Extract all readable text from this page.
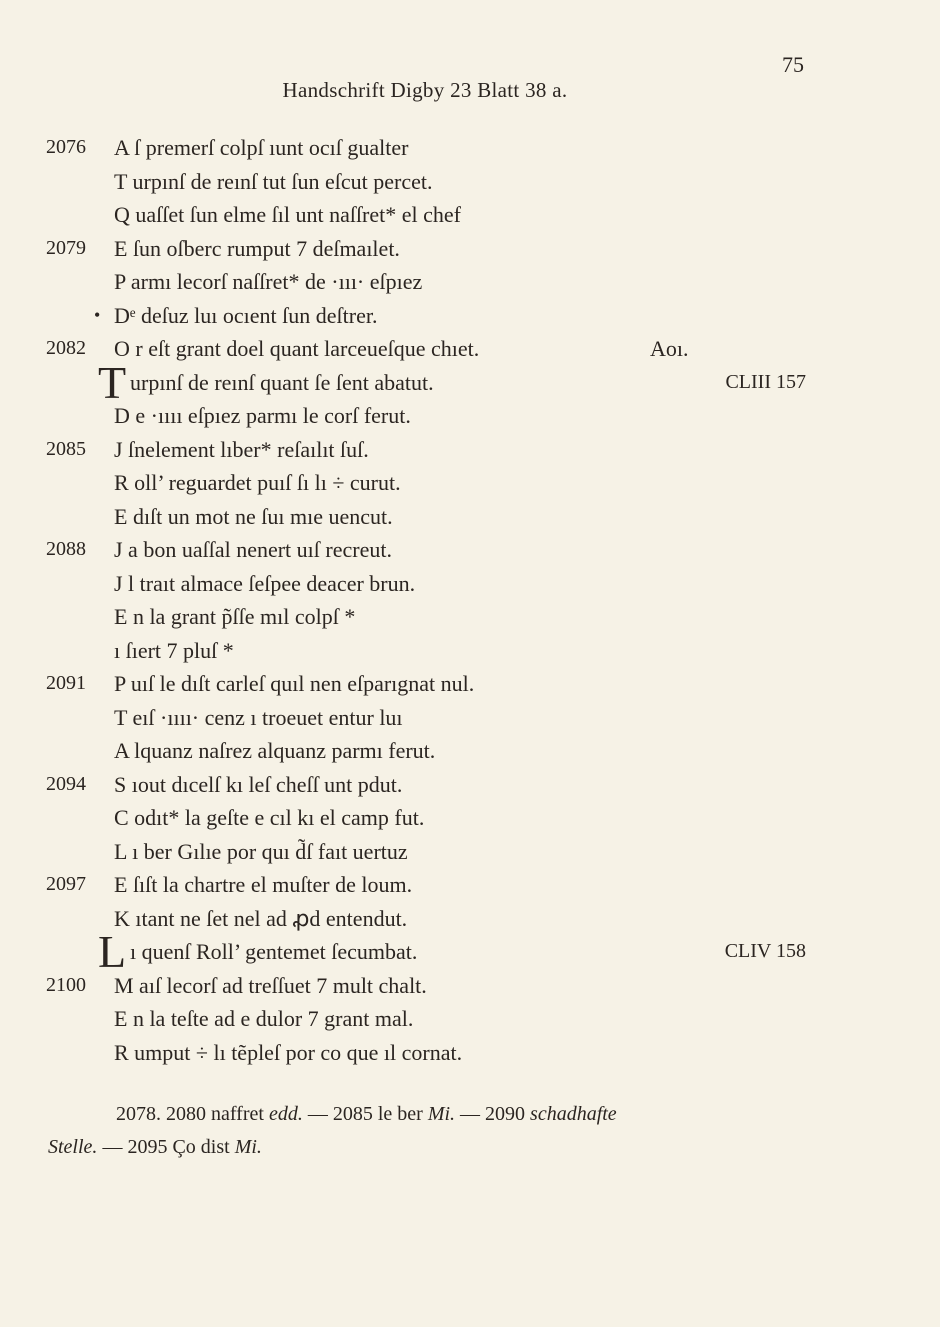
75
Handschrift Digby 23 Blatt 38 a.
2076	A ſ premerſ colpſ ıunt ocıſ gualter
T urpınſ de reınſ tut ſun eſcut percet.
Q uaſſet ſun elme ſıl unt naſſret* el chef
2079	E ſun oſberc rumput 7 deſmaılet.
P armı lecorſ naſſret* de ·ııı· eſpıez
• Dᵉ deſuz luı ocıent ſun deſtrer.
2082	O r eſt grant doel quant larceueſque chıet.	Aoı.
T urpınſ de reınſ quant ſe ſent abatut.	CLIII 157
D e ·ıııı eſpıez parmı le corſ ferut.
2085	J ſnelement lıber* reſaılıt ſuſ.
R oll’ reguardet puıſ ſı lı ÷ curut.
E dıſt un mot ne ſuı mıe uencut.
2088	J a bon uaſſal nenert uıſ recreut.
J l traıt almace ſeſpee deacer brun.
E n la grant p̃ſſe mıl colpſ *
ı ſıert 7 pluſ *
2091	P uıſ le dıſt carleſ quıl nen eſparıgnat nul.
T eıſ ·ıııı· cenz ı troeuet entur luı
A lquanz naſrez alquanz parmı ferut.
2094	S ıout dıcelſ kı leſ cheſſ unt pdut.
C odıt* la geſte e cıl kı el camp fut.
L ı ber Gılıe por quı d̃ſ faıt uertuz
2097	E ſıſt la chartre el muſter de loum.
K ıtant ne ſet nel ad ꝓd entendut.
L ı quenſ Roll’ gentemet ſecumbat.	CLIV 158
2100	M aıſ lecorſ ad treſſuet 7 mult chalt.
E n la teſte ad e dulor 7 grant mal.
R umput ÷ lı tẽpleſ por co que ıl cornat.
2078. 2080 naffret edd. — 2085 le ber Mi. — 2090 schadhafte
Stelle. — 2095 Ço dist Mi.
